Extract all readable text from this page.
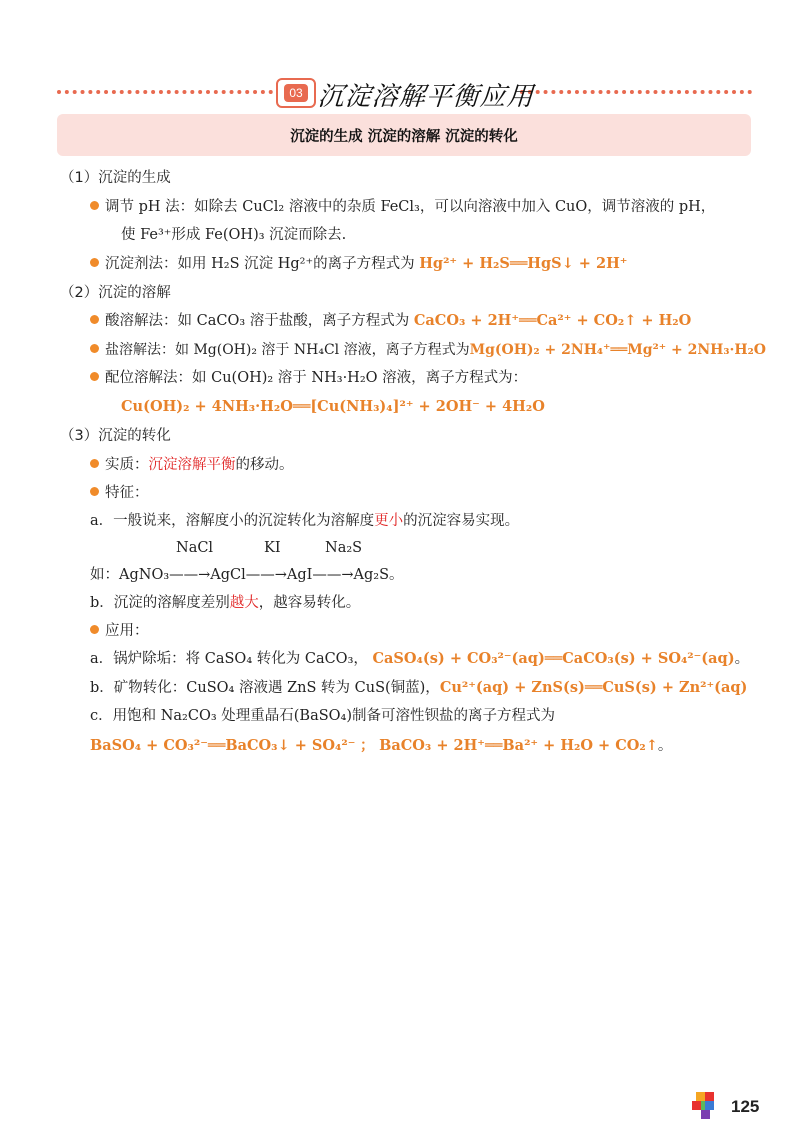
03 沉淀溶解平衡应用
沉淀的生成 沉淀的溶解 沉淀的转化
（1）沉淀的生成
调节 pH 法：如除去 CuCl₂ 溶液中的杂质 FeCl₃，可以向溶液中加入 CuO，调节溶液的 pH，
使 Fe³⁺形成 Fe(OH)₃ 沉淀而除去.
沉淀剂法：如用 H₂S 沉淀 Hg²⁺的离子方程式为 Hg²⁺ + H₂S══HgS↓ + 2H⁺
（2）沉淀的溶解
酸溶解法：如 CaCO₃ 溶于盐酸，离子方程式为 CaCO₃ + 2H⁺══Ca²⁺ + CO₂↑ + H₂O
盐溶解法：如 Mg(OH)₂ 溶于 NH₄Cl 溶液，离子方程式为Mg(OH)₂ + 2NH₄⁺══Mg²⁺ + 2NH₃·H₂O
配位溶解法：如 Cu(OH)₂ 溶于 NH₃·H₂O 溶液，离子方程式为：
Cu(OH)₂ + 4NH₃·H₂O══[Cu(NH₃)₄]²⁺ + 2OH⁻ + 4H₂O
（3）沉淀的转化
实质：沉淀溶解平衡的移动。
特征：
a．一般说来，溶解度小的沉淀转化为溶解度更小的沉淀容易实现。
NaCl	KI	Na₂S
如：AgNO₃——→AgCl——→AgI——→Ag₂S。
b．沉淀的溶解度差别越大，越容易转化。
应用：
a．锅炉除垢：将 CaSO₄ 转化为 CaCO₃， CaSO₄(s) + CO₃²⁻(aq)══CaCO₃(s) + SO₄²⁻(aq)。
b．矿物转化：CuSO₄ 溶液遇 ZnS 转为 CuS(铜蓝)，Cu²⁺(aq) + ZnS(s)══CuS(s) + Zn²⁺(aq)
c．用饱和 Na₂CO₃ 处理重晶石(BaSO₄)制备可溶性钡盐的离子方程式为
BaSO₄ + CO₃²⁻══BaCO₃↓ + SO₄²⁻ ； BaCO₃ + 2H⁺══Ba²⁺ + H₂O + CO₂↑。
125
